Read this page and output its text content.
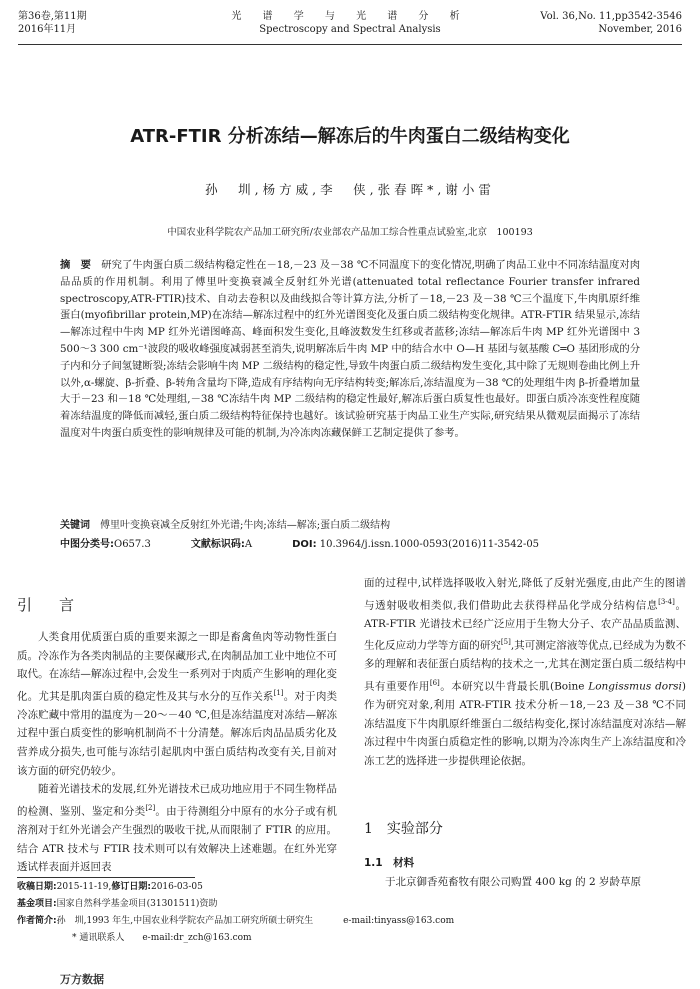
第36卷,第11期
2016年11月
光 谱 学 与 光 谱 分 析
Spectroscopy and Spectral Analysis
Vol. 36,No. 11,pp3542-3546
November, 2016
ATR-FTIR 分析冻结—解冻后的牛肉蛋白二级结构变化
孙　圳,杨方威,李　侠,张春晖*,谢小雷
中国农业科学院农产品加工研究所/农业部农产品加工综合性重点试验室,北京　100193
摘　要　 研究了牛肉蛋白质二级结构稳定性在－18,－23 及－38 ℃不同温度下的变化情况,明确了肉品工业中不同冻结温度对肉品品质的作用机制。利用了傅里叶变换衰减全反射红外光谱(attenuated total reflectance Fourier transfer infrared spectroscopy,ATR-FTIR)技术、自动去卷积以及曲线拟合等计算方法,分析了－18,－23 及－38 ℃三个温度下,牛肉肌原纤维蛋白(myofibrillar protein,MP)在冻结—解冻过程中的红外光谱图变化及蛋白质二级结构变化规律。ATR-FTIR 结果显示,冻结—解冻过程中牛肉 MP 红外光谱图峰高、峰面积发生变化,且峰波数发生红移或者蓝移;冻结—解冻后牛肉 MP 红外光谱图中 3 500～3 300 cm⁻¹波段的吸收峰强度减弱甚至消失,说明解冻后牛肉 MP 中的结合水中 O—H 基团与氨基酸 C═O 基团形成的分子内和分子间氢键断裂;冻结会影响牛肉 MP 二级结构的稳定性,导致牛肉蛋白质二级结构发生变化,其中除了无规则卷曲比例上升以外,α-螺旋、β-折叠、β-转角含量均下降,造成有序结构向无序结构转变;解冻后,冻结温度为－38 ℃的处理组牛肉 β-折叠增加量大于－23 和－18 ℃处理组,－38 ℃冻结牛肉 MP 二级结构的稳定性最好,解冻后蛋白质复性也最好。即蛋白质冷冻变性程度随着冻结温度的降低而减轻,蛋白质二级结构特征保持也越好。该试验研究基于肉品工业生产实际,研究结果从微观层面揭示了冻结温度对牛肉蛋白质变性的影响规律及可能的机制,为冷冻肉冻藏保鲜工艺制定提供了参考。
关键词　 傅里叶变换衰减全反射红外光谱;牛肉;冻结—解冻;蛋白质二级结构
中图分类号:O657.3	文献标识码:A	DOI: 10.3964/j.issn.1000-0593(2016)11-3542-05
引　言

人类食用优质蛋白质的重要来源之一即是畜禽鱼肉等动物性蛋白质。冷冻作为各类肉制品的主要保藏形式,在肉制品加工业中地位不可取代。在冻结—解冻过程中,会发生一系列对于肉质产生影响的理化变化。尤其是肌肉蛋白质的稳定性及其与水分的互作关系[1]。对于肉类冷冻贮藏中常用的温度为－20～－40 ℃,但是冻结温度对冻结—解冻过程中蛋白质变性的影响机制尚不十分清楚。解冻后肉品品质劣化及营养成分损失,也可能与冻结引起肌肉中蛋白质结构改变有关,目前对该方面的研究仍较少。

随着光谱技术的发展,红外光谱技术已成功地应用于不同生物样品的检测、鉴别、鉴定和分类[2]。由于待测组分中原有的水分子或有机溶剂对于红外光谱会产生强烈的吸收干扰,从而限制了 FTIR 的应用。结合 ATR 技术与 FTIR 技术则可以有效解决上述难题。在红外光穿透试样表面并返回表

面的过程中,试样选择吸收入射光,降低了反射光强度,由此产生的图谱与透射吸收相类似,我们借助此去获得样品化学成分结构信息[3-4]。ATR-FTIR 光谱技术已经广泛应用于生物大分子、农产品品质监测、生化反应动力学等方面的研究[5],其可测定溶液等优点,已经成为为数不多的理解和表征蛋白质结构的技术之一,尤其在测定蛋白质二级结构中具有重要作用[6]。本研究以牛背最长肌(Boine Longissmus dorsi)作为研究对象,利用 ATR-FTIR 技术分析－18,－23 及－38 ℃不同冻结温度下牛肉肌原纤维蛋白二级结构变化,探讨冻结温度对冻结—解冻过程中牛肉蛋白质稳定性的影响,以期为冷冻肉生产上冻结温度和冷冻工艺的选择进一步提供理论依据。

1　实验部分
1.1　材料

于北京御香苑畜牧有限公司购置 400 kg 的 2 岁龄草原

收稿日期:2015-11-19,修订日期:2016-03-05
基金项目:国家自然科学基金项目(31301511)资助
作者简介:孙　圳,1993 年生,中国农业科学院农产品加工研究所硕士研究生	e-mail:tinyass@163.com
* 通讯联系人　　e-mail:dr_zch@163.com
万方数据
